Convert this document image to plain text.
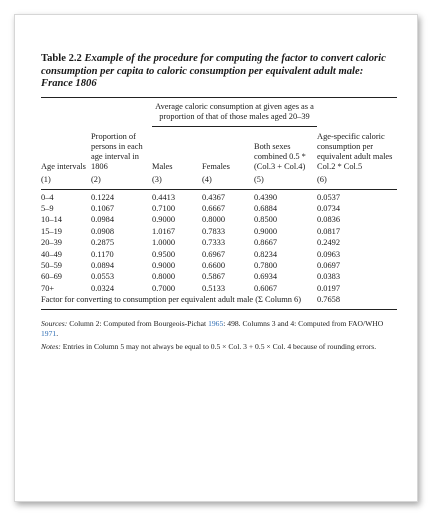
Table 2.2 Example of the procedure for computing the factor to convert caloric consumption per capita to caloric consumption per equivalent adult male: France 1806

		Average caloric consumption at given ages as a proportion of that of those males aged 20–39			
Age intervals	Proportion of persons in each age interval in 1806	Males	Females	Both sexes combined 0.5 * (Col.3 + Col.4)	Age-specific caloric consumption per equivalent adult males Col.2 * Col.5
(1)	(2)	(3)	(4)	(5)	(6)
0–4	0.1224	0.4413	0.4367	0.4390	0.0537
5–9	0.1067	0.7100	0.6667	0.6884	0.0734
10–14	0.0984	0.9000	0.8000	0.8500	0.0836
15–19	0.0908	1.0167	0.7833	0.9000	0.0817
20–39	0.2875	1.0000	0.7333	0.8667	0.2492
40–49	0.1170	0.9500	0.6967	0.8234	0.0963
50–59	0.0894	0.9000	0.6600	0.7800	0.0697
60–69	0.0553	0.8000	0.5867	0.6934	0.0383
70+	0.0324	0.7000	0.5133	0.6067	0.0197
Factor for converting to consumption per equivalent adult male (Σ Column 6)					0.7658

Sources: Column 2: Computed from Bourgeois-Pichat 1965: 498. Columns 3 and 4: Computed from FAO/WHO 1971.

Notes: Entries in Column 5 may not always be equal to 0.5 × Col. 3 + 0.5 × Col. 4 because of rounding errors.
